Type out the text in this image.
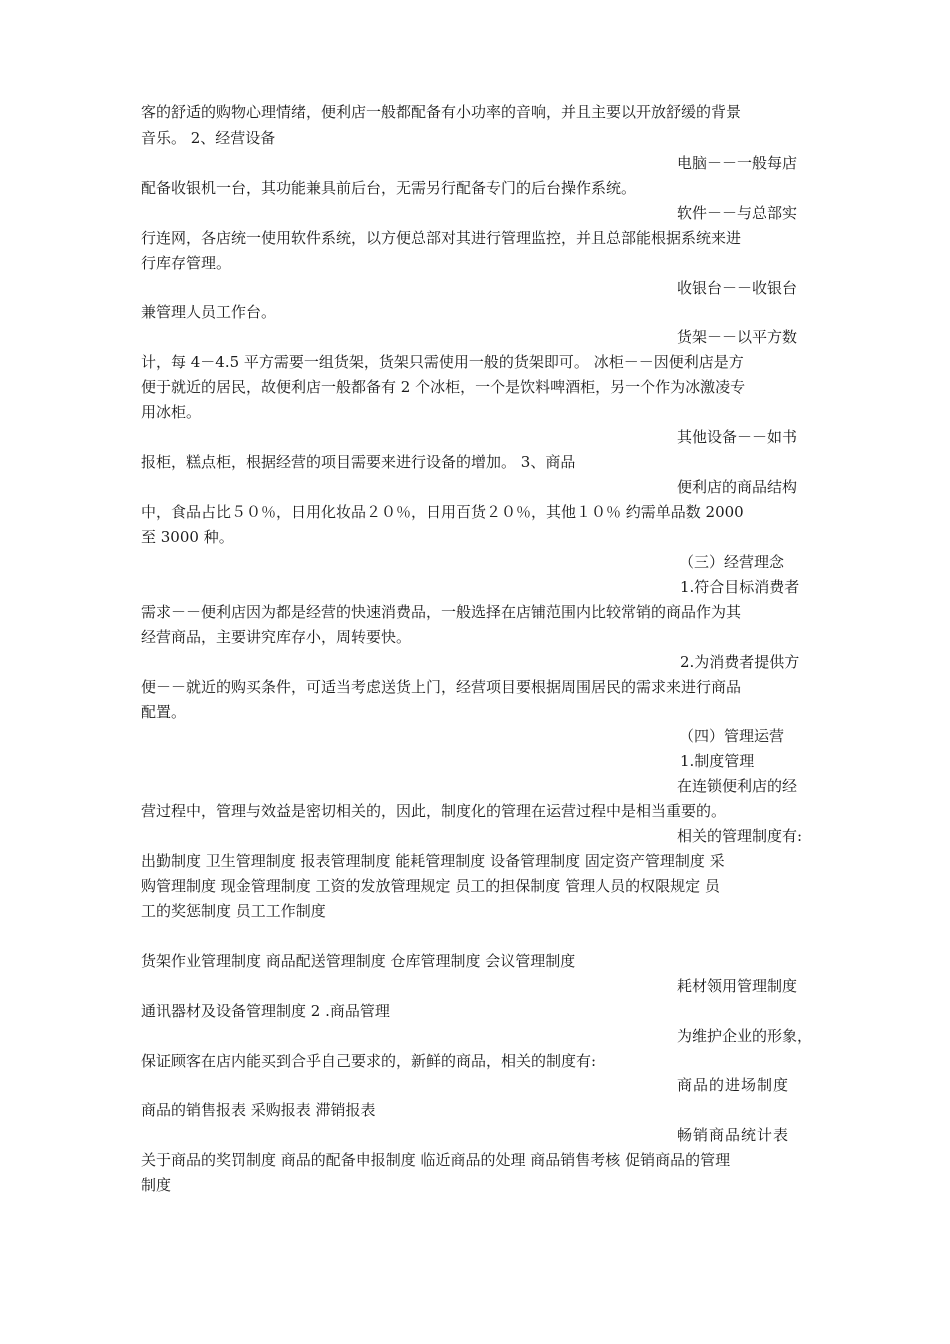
客的舒适的购物心理情绪，便利店一般都配备有小功率的音响，并且主要以开放舒缓的背景
音乐。 2、经营设备
电脑－－一般每店
配备收银机一台，其功能兼具前后台，无需另行配备专门的后台操作系统。
软件－－与总部实
行连网，各店统一使用软件系统，以方便总部对其进行管理监控，并且总部能根据系统来进
行库存管理。
收银台－－收银台
兼管理人员工作台。
货架－－以平方数
计，每 4－4.5 平方需要一组货架，货架只需使用一般的货架即可。 冰柜－－因便利店是方
便于就近的居民，故便利店一般都备有 2 个冰柜，一个是饮料啤酒柜，另一个作为冰激凌专
用冰柜。
其他设备－－如书
报柜，糕点柜，根据经营的项目需要来进行设备的增加。 3、商品
便利店的商品结构
中，食品占比５０％，日用化妆品２０％，日用百货２０％，其他１０％ 约需单品数 2000
至 3000 种。
（三）经营理念
1.符合目标消费者
需求－－便利店因为都是经营的快速消费品，一般选择在店铺范围内比较常销的商品作为其
经营商品，主要讲究库存小，周转要快。
2.为消费者提供方
便－－就近的购买条件，可适当考虑送货上门，经营项目要根据周围居民的需求来进行商品
配置。
（四）管理运营
1.制度管理
在连锁便利店的经
营过程中，管理与效益是密切相关的，因此，制度化的管理在运营过程中是相当重要的。
相关的管理制度有:
出勤制度 卫生管理制度 报表管理制度 能耗管理制度 设备管理制度 固定资产管理制度 采
购管理制度 现金管理制度 工资的发放管理规定 员工的担保制度 管理人员的权限规定 员
工的奖惩制度 员工工作制度
货架作业管理制度 商品配送管理制度 仓库管理制度 会议管理制度
耗材领用管理制度
通讯器材及设备管理制度 2 .商品管理
为维护企业的形象，
保证顾客在店内能买到合乎自己要求的，新鲜的商品，相关的制度有:
商品的进场制度
商品的销售报表 采购报表 滞销报表
畅销商品统计表
关于商品的奖罚制度 商品的配备申报制度 临近商品的处理 商品销售考核 促销商品的管理
制度
